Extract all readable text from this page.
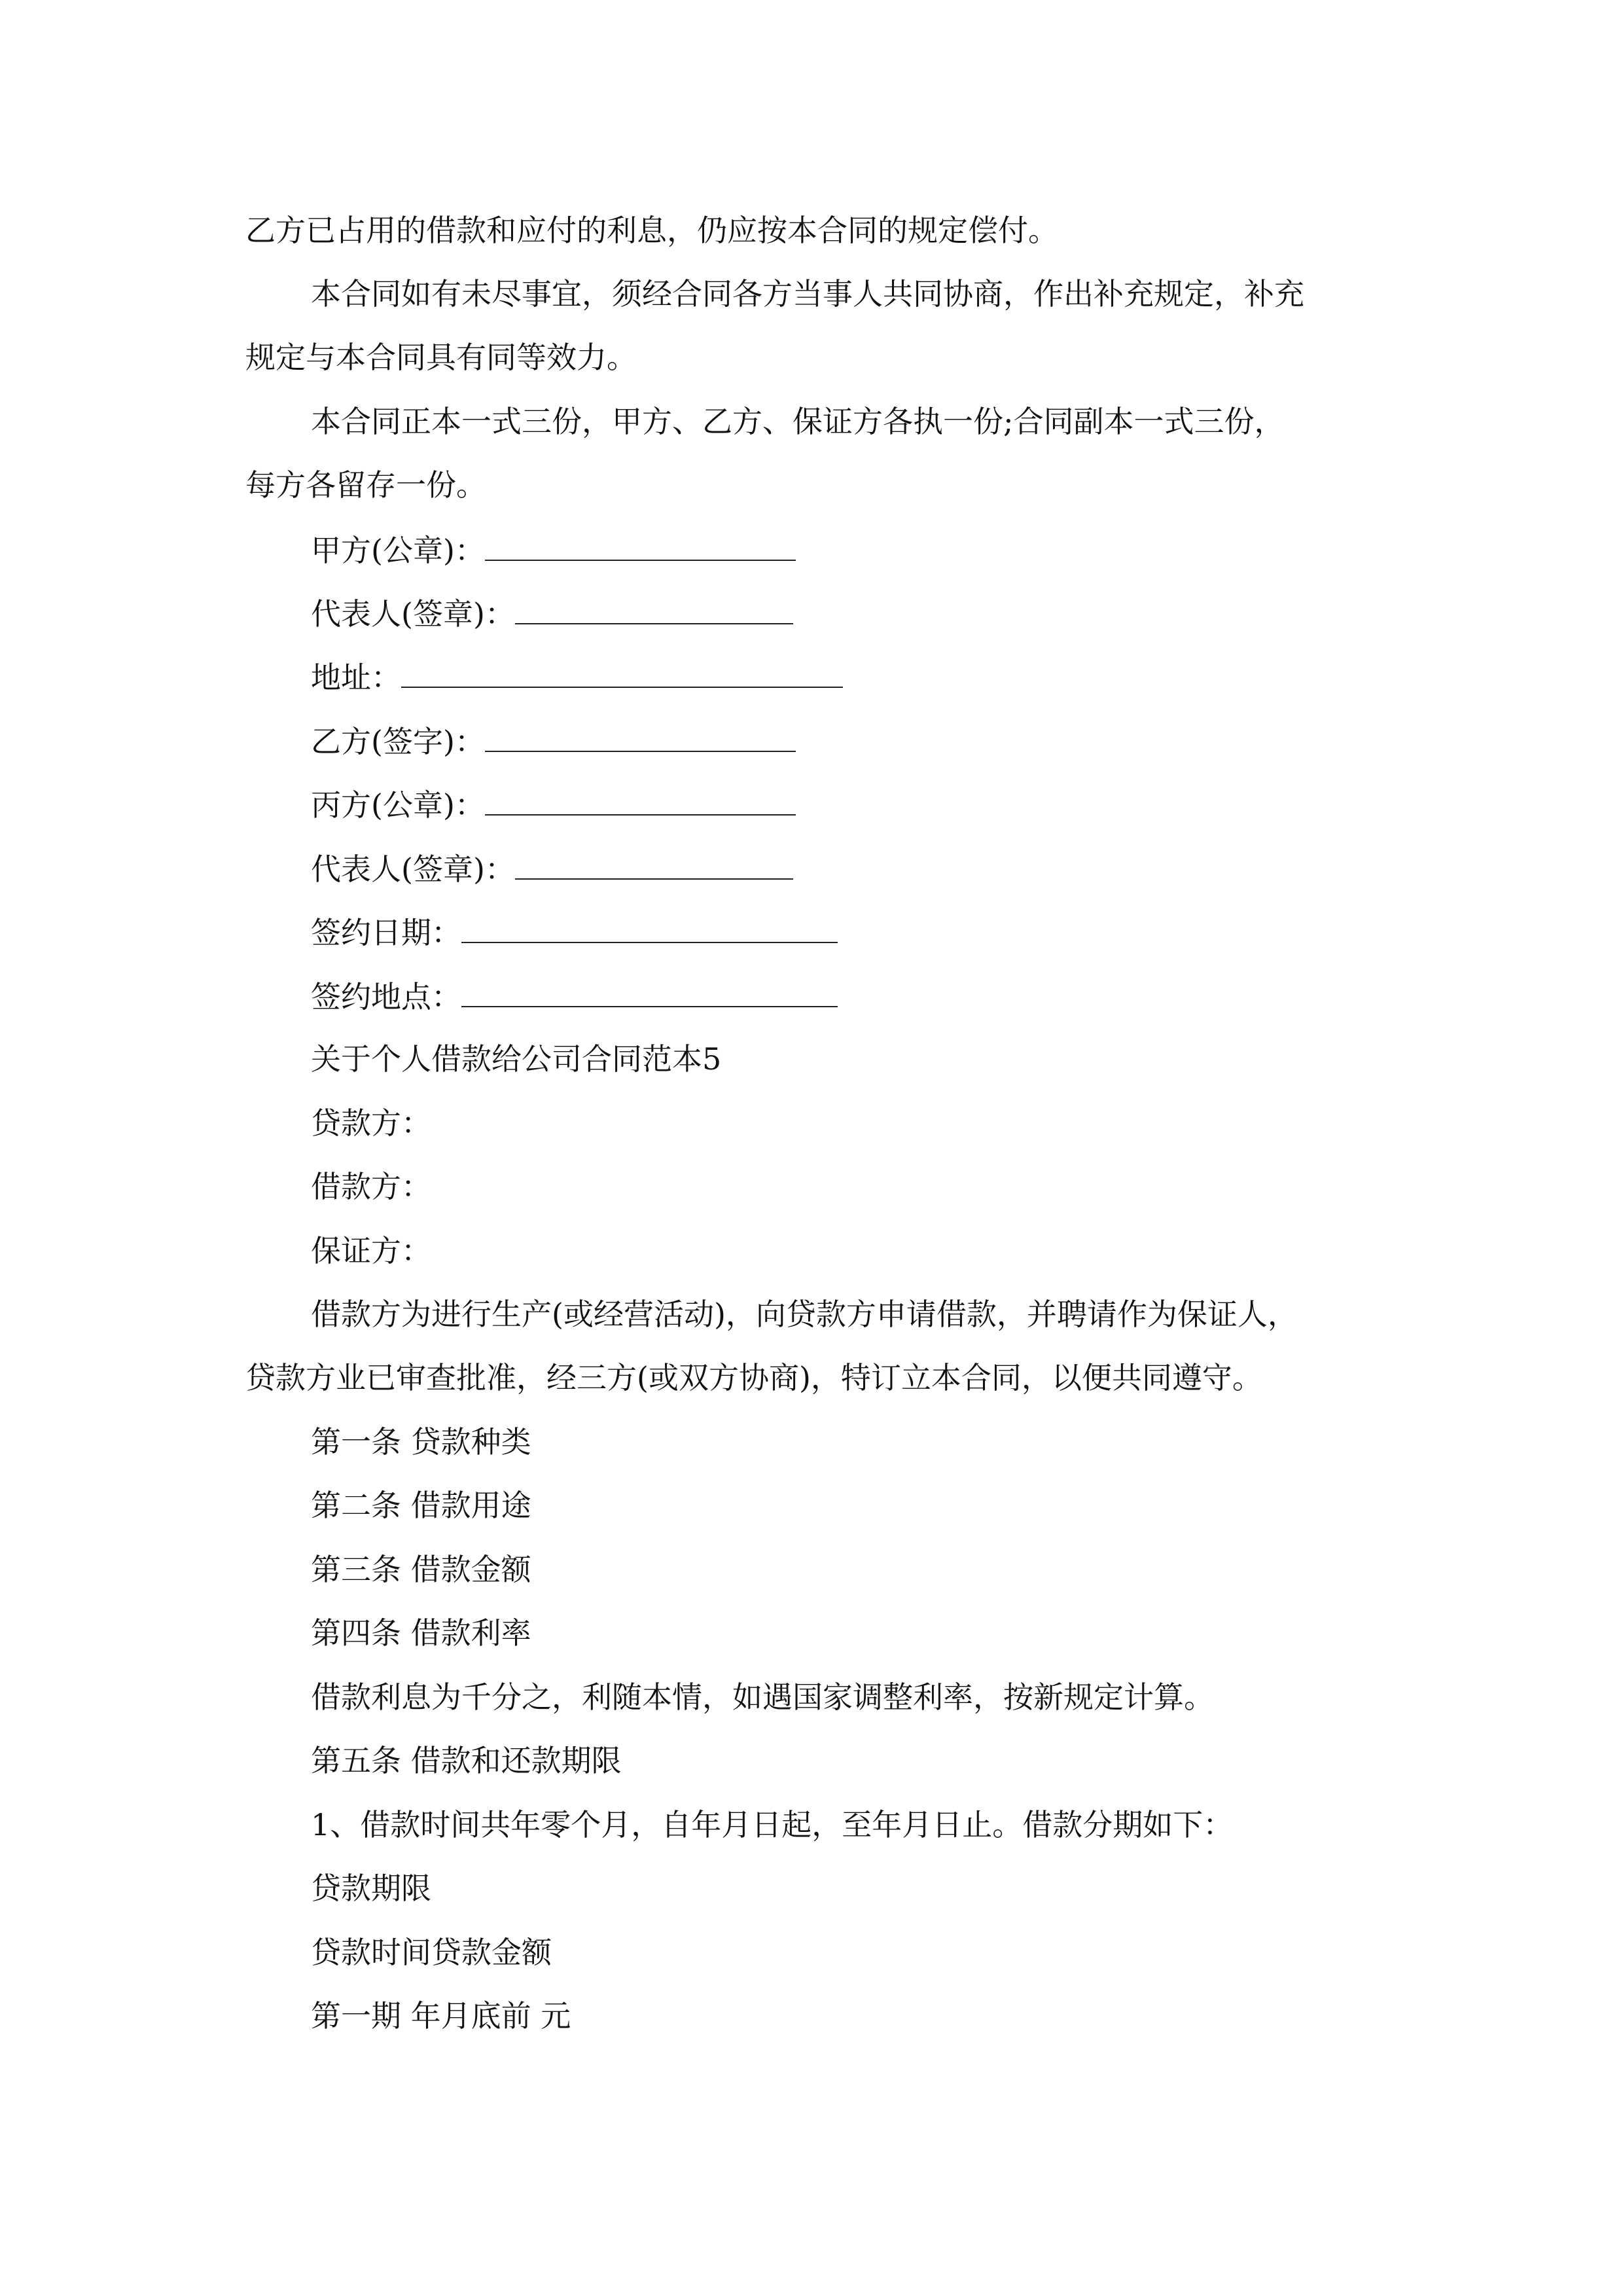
乙方已占用的借款和应付的利息，仍应按本合同的规定偿付。
本合同如有未尽事宜，须经合同各方当事人共同协商，作出补充规定，补充
规定与本合同具有同等效力。
本合同正本一式三份，甲方、乙方、保证方各执一份;合同副本一式三份，
每方各留存一份。
甲方(公章)：
代表人(签章)：
地址：
乙方(签字)：
丙方(公章)：
代表人(签章)：
签约日期：
签约地点：
关于个人借款给公司合同范本5
贷款方：
借款方：
保证方：
借款方为进行生产(或经营活动)，向贷款方申请借款，并聘请作为保证人，
贷款方业已审查批准，经三方(或双方协商)，特订立本合同，以便共同遵守。
第一条 贷款种类
第二条 借款用途
第三条 借款金额
第四条 借款利率
借款利息为千分之，利随本情，如遇国家调整利率，按新规定计算。
第五条 借款和还款期限
1、借款时间共年零个月，自年月日起，至年月日止。借款分期如下：
贷款期限
贷款时间贷款金额
第一期 年月底前 元
